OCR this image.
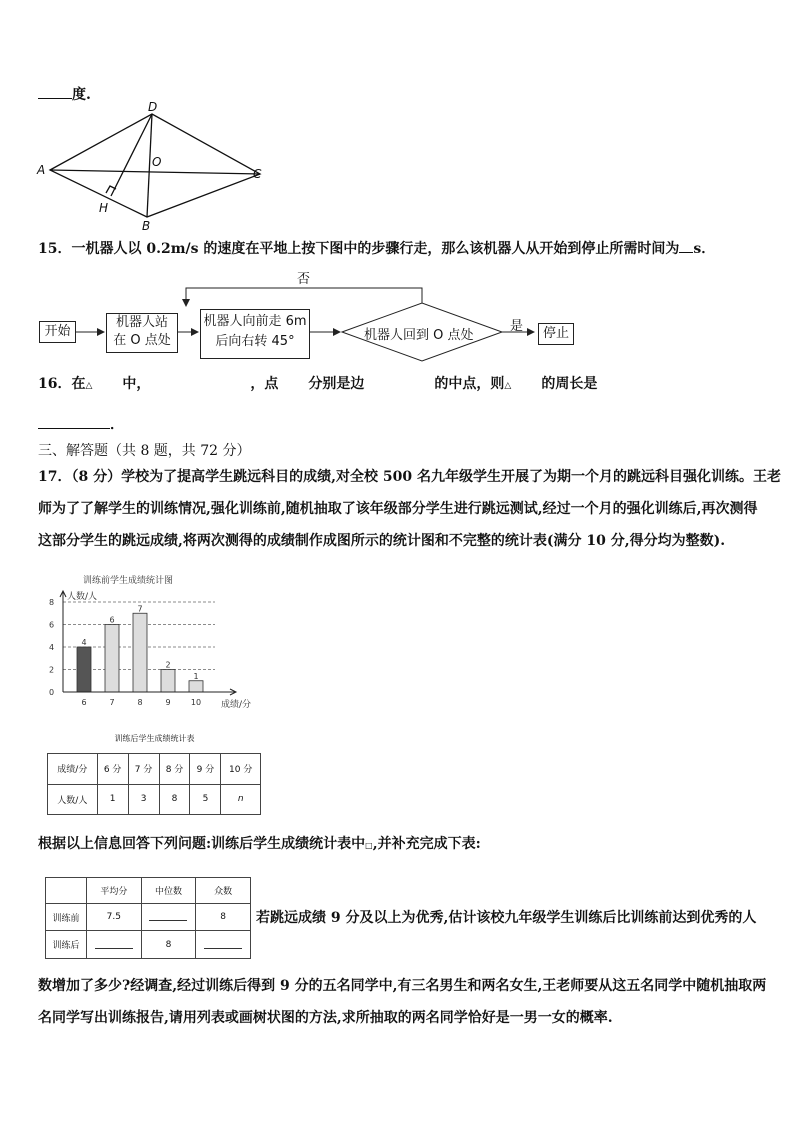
度.
D
A
O
C
H
B
15．一机器人以 0.2m/s 的速度在平地上按下图中的步骤行走，那么该机器人从开始到停止所需时间为 s．
否
是
开始
机器人站
在 O 点处
机器人向前走 6m
后向右转 45°	机器人回到 O 点处	停止
16．在△ 中，	，点 分别是边	的中点，则△ 的周长是
．
三、解答题（共 8 题，共 72 分）
17．（8 分）学校为了提高学生跳远科目的成绩,对全校 500 名九年级学生开展了为期一个月的跳远科目强化训练。王老
师为了了解学生的训练情况,强化训练前,随机抽取了该年级部分学生进行跳远测试,经过一个月的强化训练后,再次测得
这部分学生的跳远成绩,将两次测得的成绩制作成图所示的统计图和不完整的统计表(满分 10 分,得分均为整数).
训练前学生成绩统计图
人数/人
成绩/分
0
2
4
6
8
4
6
6
7
7
8
2
9
1
10
训练后学生成绩统计表
成绩/分	6 分	7 分	8 分	9 分	10 分
人数/人	1	3	8	5	n
根据以上信息回答下列问题:训练后学生成绩统计表中□,并补充完成下表:
	平均分	中位数	众数
训练前	7.5		8
训练后		8	
若跳远成绩 9 分及以上为优秀,估计该校九年级学生训练后比训练前达到优秀的人
数增加了多少?经调查,经过训练后得到 9 分的五名同学中,有三名男生和两名女生,王老师要从这五名同学中随机抽取两
名同学写出训练报告,请用列表或画树状图的方法,求所抽取的两名同学恰好是一男一女的概率.
